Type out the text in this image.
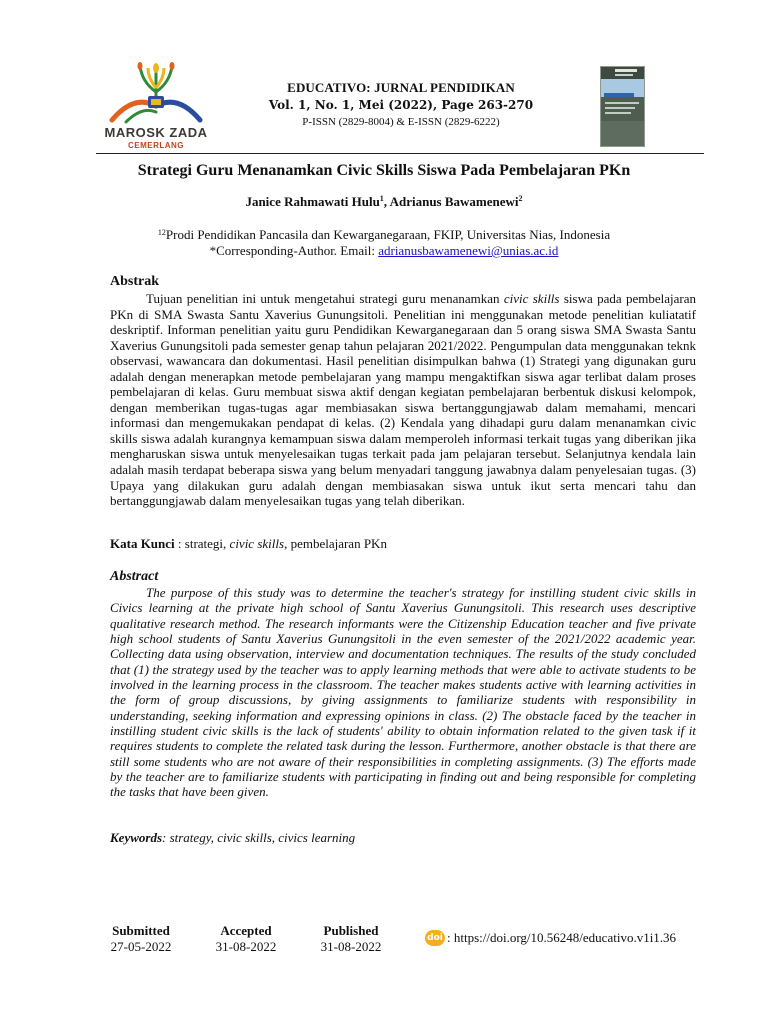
MAROSK ZADA
CEMERLANG
EDUCATIVO: JURNAL PENDIDIKAN
Vol. 1, No. 1, Mei (2022), Page 263-270
P-ISSN (2829-8004) & E-ISSN (2829-6222)
Strategi Guru Menanamkan Civic Skills Siswa Pada Pembelajaran PKn
Janice Rahmawati Hulu$^1$, Adrianus Bawamenewi$^2$
$^{12}$Prodi Pendidikan Pancasila dan Kewarganegaraan, FKIP, Universitas Nias, Indonesia
*Corresponding-Author. Email: adrianusbawamenewi@unias.ac.id
Abstrak
Tujuan penelitian ini untuk mengetahui strategi guru menanamkan civic skills siswa pada pembelajaran PKn di SMA Swasta Santu Xaverius Gunungsitoli. Penelitian ini menggunakan metode penelitian kuliatatif deskriptif. Informan penelitian yaitu guru Pendidikan Kewarganegaraan dan 5 orang siswa SMA Swasta Santu Xaverius Gunungsitoli pada semester genap tahun pelajaran 2021/2022. Pengumpulan data menggunakan teknk observasi, wawancara dan dokumentasi. Hasil penelitian disimpulkan bahwa (1) Strategi yang digunakan guru adalah dengan menerapkan metode pembelajaran yang mampu mengaktifkan siswa agar terlibat dalam proses pembelajaran di kelas. Guru membuat siswa aktif dengan kegiatan pembelajaran berbentuk diskusi kelompok, dengan memberikan tugas-tugas agar membiasakan siswa bertanggungjawab dalam memahami, mencari informasi dan mengemukakan pendapat di kelas. (2) Kendala yang dihadapi guru dalam menanamkan civic skills siswa adalah kurangnya kemampuan siswa dalam memperoleh informasi terkait tugas yang diberikan jika mengharuskan siswa untuk menyelesaikan tugas terkait pada jam pelajaran tersebut. Selanjutnya kendala lain adalah masih terdapat beberapa siswa yang belum menyadari tanggung jawabnya dalam penyelesaian tugas. (3) Upaya yang dilakukan guru adalah dengan membiasakan siswa untuk ikut serta mencari tahu dan bertanggungjawab dalam menyelesaikan tugas yang telah diberikan.
Kata Kunci : strategi, civic skills, pembelajaran PKn
Abstract
The purpose of this study was to determine the teacher's strategy for instilling student civic skills in Civics learning at the private high school of Santu Xaverius Gunungsitoli. This research uses descriptive qualitative research method. The research informants were the Citizenship Education teacher and five private high school students of Santu Xaverius Gunungsitoli in the even semester of the 2021/2022 academic year. Collecting data using observation, interview and documentation techniques. The results of the study concluded that (1) the strategy used by the teacher was to apply learning methods that were able to activate students to be involved in the learning process in the classroom. The teacher makes students active with learning activities in the form of group discussions, by giving assignments to familiarize students with responsibility in understanding, seeking information and expressing opinions in class. (2) The obstacle faced by the teacher in instilling student civic skills is the lack of students' ability to obtain information related to the given task if it requires students to complete the related task during the lesson. Furthermore, another obstacle is that there are still some students who are not aware of their responsibilities in completing assignments. (3) The efforts made by the teacher are to familiarize students with participating in finding out and being responsible for completing the tasks that have been given.
Keywords: strategy, civic skills, civics learning
Submitted
27-05-2022
Accepted
31-08-2022
Published
31-08-2022
doi : https://doi.org/10.56248/educativo.v1i1.36
